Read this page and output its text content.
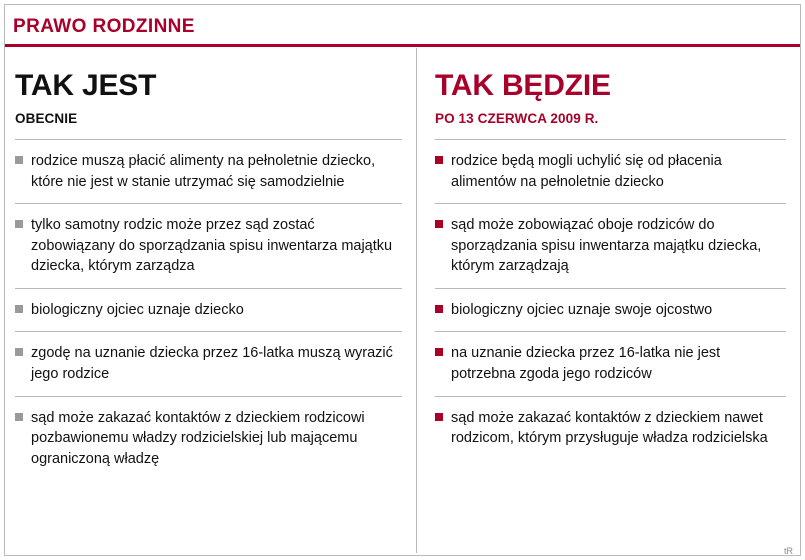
PRAWO RODZINNE
TAK JEST
OBECNIE
rodzice muszą płacić alimenty na pełnoletnie dziecko, które nie jest w stanie utrzymać się samodzielnie
tylko samotny rodzic może przez sąd zostać zobowiązany do sporządzania spisu inwentarza majątku dziecka, którym zarządza
biologiczny ojciec uznaje dziecko
zgodę na uznanie dziecka przez 16-latka muszą wyrazić jego rodzice
sąd może zakazać kontaktów z dzieckiem rodzicowi pozbawionemu władzy rodzicielskiej lub mającemu ograniczoną władzę
TAK BĘDZIE
PO 13 CZERWCA 2009 R.
rodzice będą mogli uchylić się od płacenia alimentów na pełnoletnie dziecko
sąd może zobowiązać oboje rodziców do sporządzania spisu inwentarza majątku dziecka, którym zarządzają
biologiczny ojciec uznaje swoje ojcostwo
na uznanie dziecka przez 16-latka nie jest potrzebna zgoda jego rodziców
sąd może zakazać kontaktów z dzieckiem nawet rodzicom, którym przysługuje władza rodzicielska
tR
